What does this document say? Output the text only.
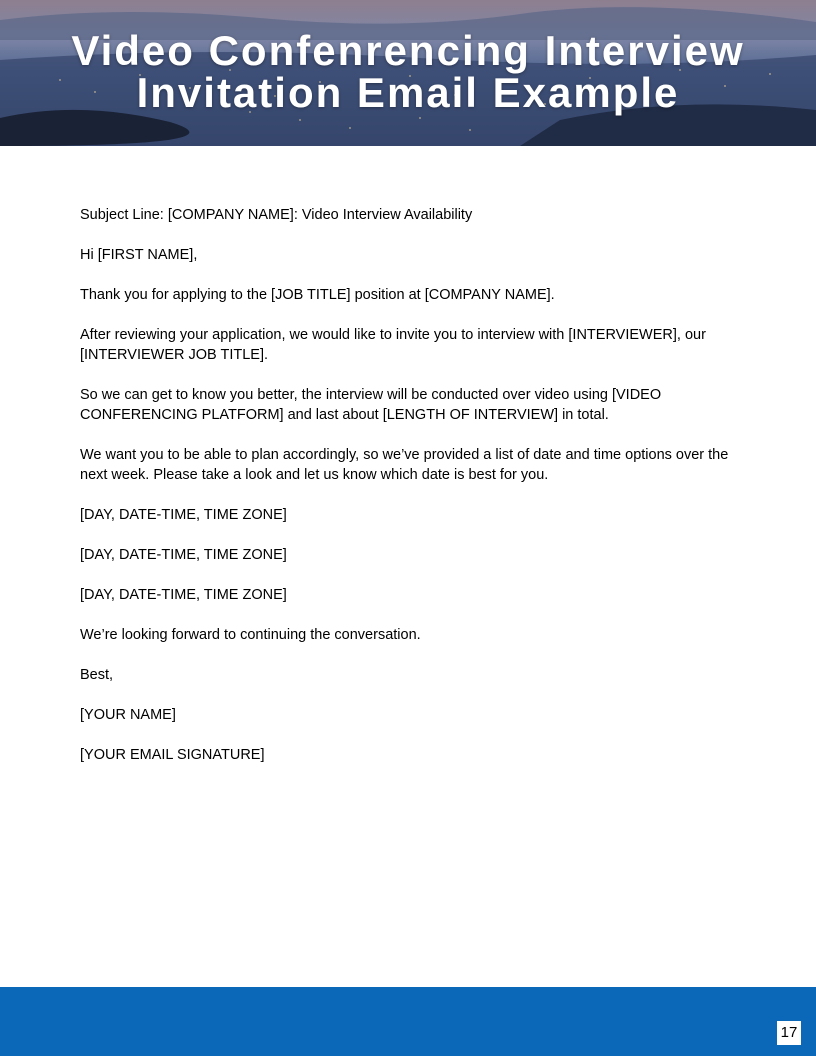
Video Confenrencing Interview
Invitation Email Example

Subject Line: [COMPANY NAME]: Video Interview Availability

Hi [FIRST NAME],

Thank you for applying to the [JOB TITLE] position at [COMPANY NAME].

After reviewing your application, we would like to invite you to interview with [INTERVIEWER], our [INTERVIEWER JOB TITLE].

So we can get to know you better, the interview will be conducted over video using [VIDEO CONFERENCING PLATFORM] and last about [LENGTH OF INTERVIEW] in total.

We want you to be able to plan accordingly, so we’ve provided a list of date and time options over the next week. Please take a look and let us know which date is best for you.

[DAY, DATE-TIME, TIME ZONE]

[DAY, DATE-TIME, TIME ZONE]

[DAY, DATE-TIME, TIME ZONE]

We’re looking forward to continuing the conversation.

Best,

[YOUR NAME]

[YOUR EMAIL SIGNATURE]

17
